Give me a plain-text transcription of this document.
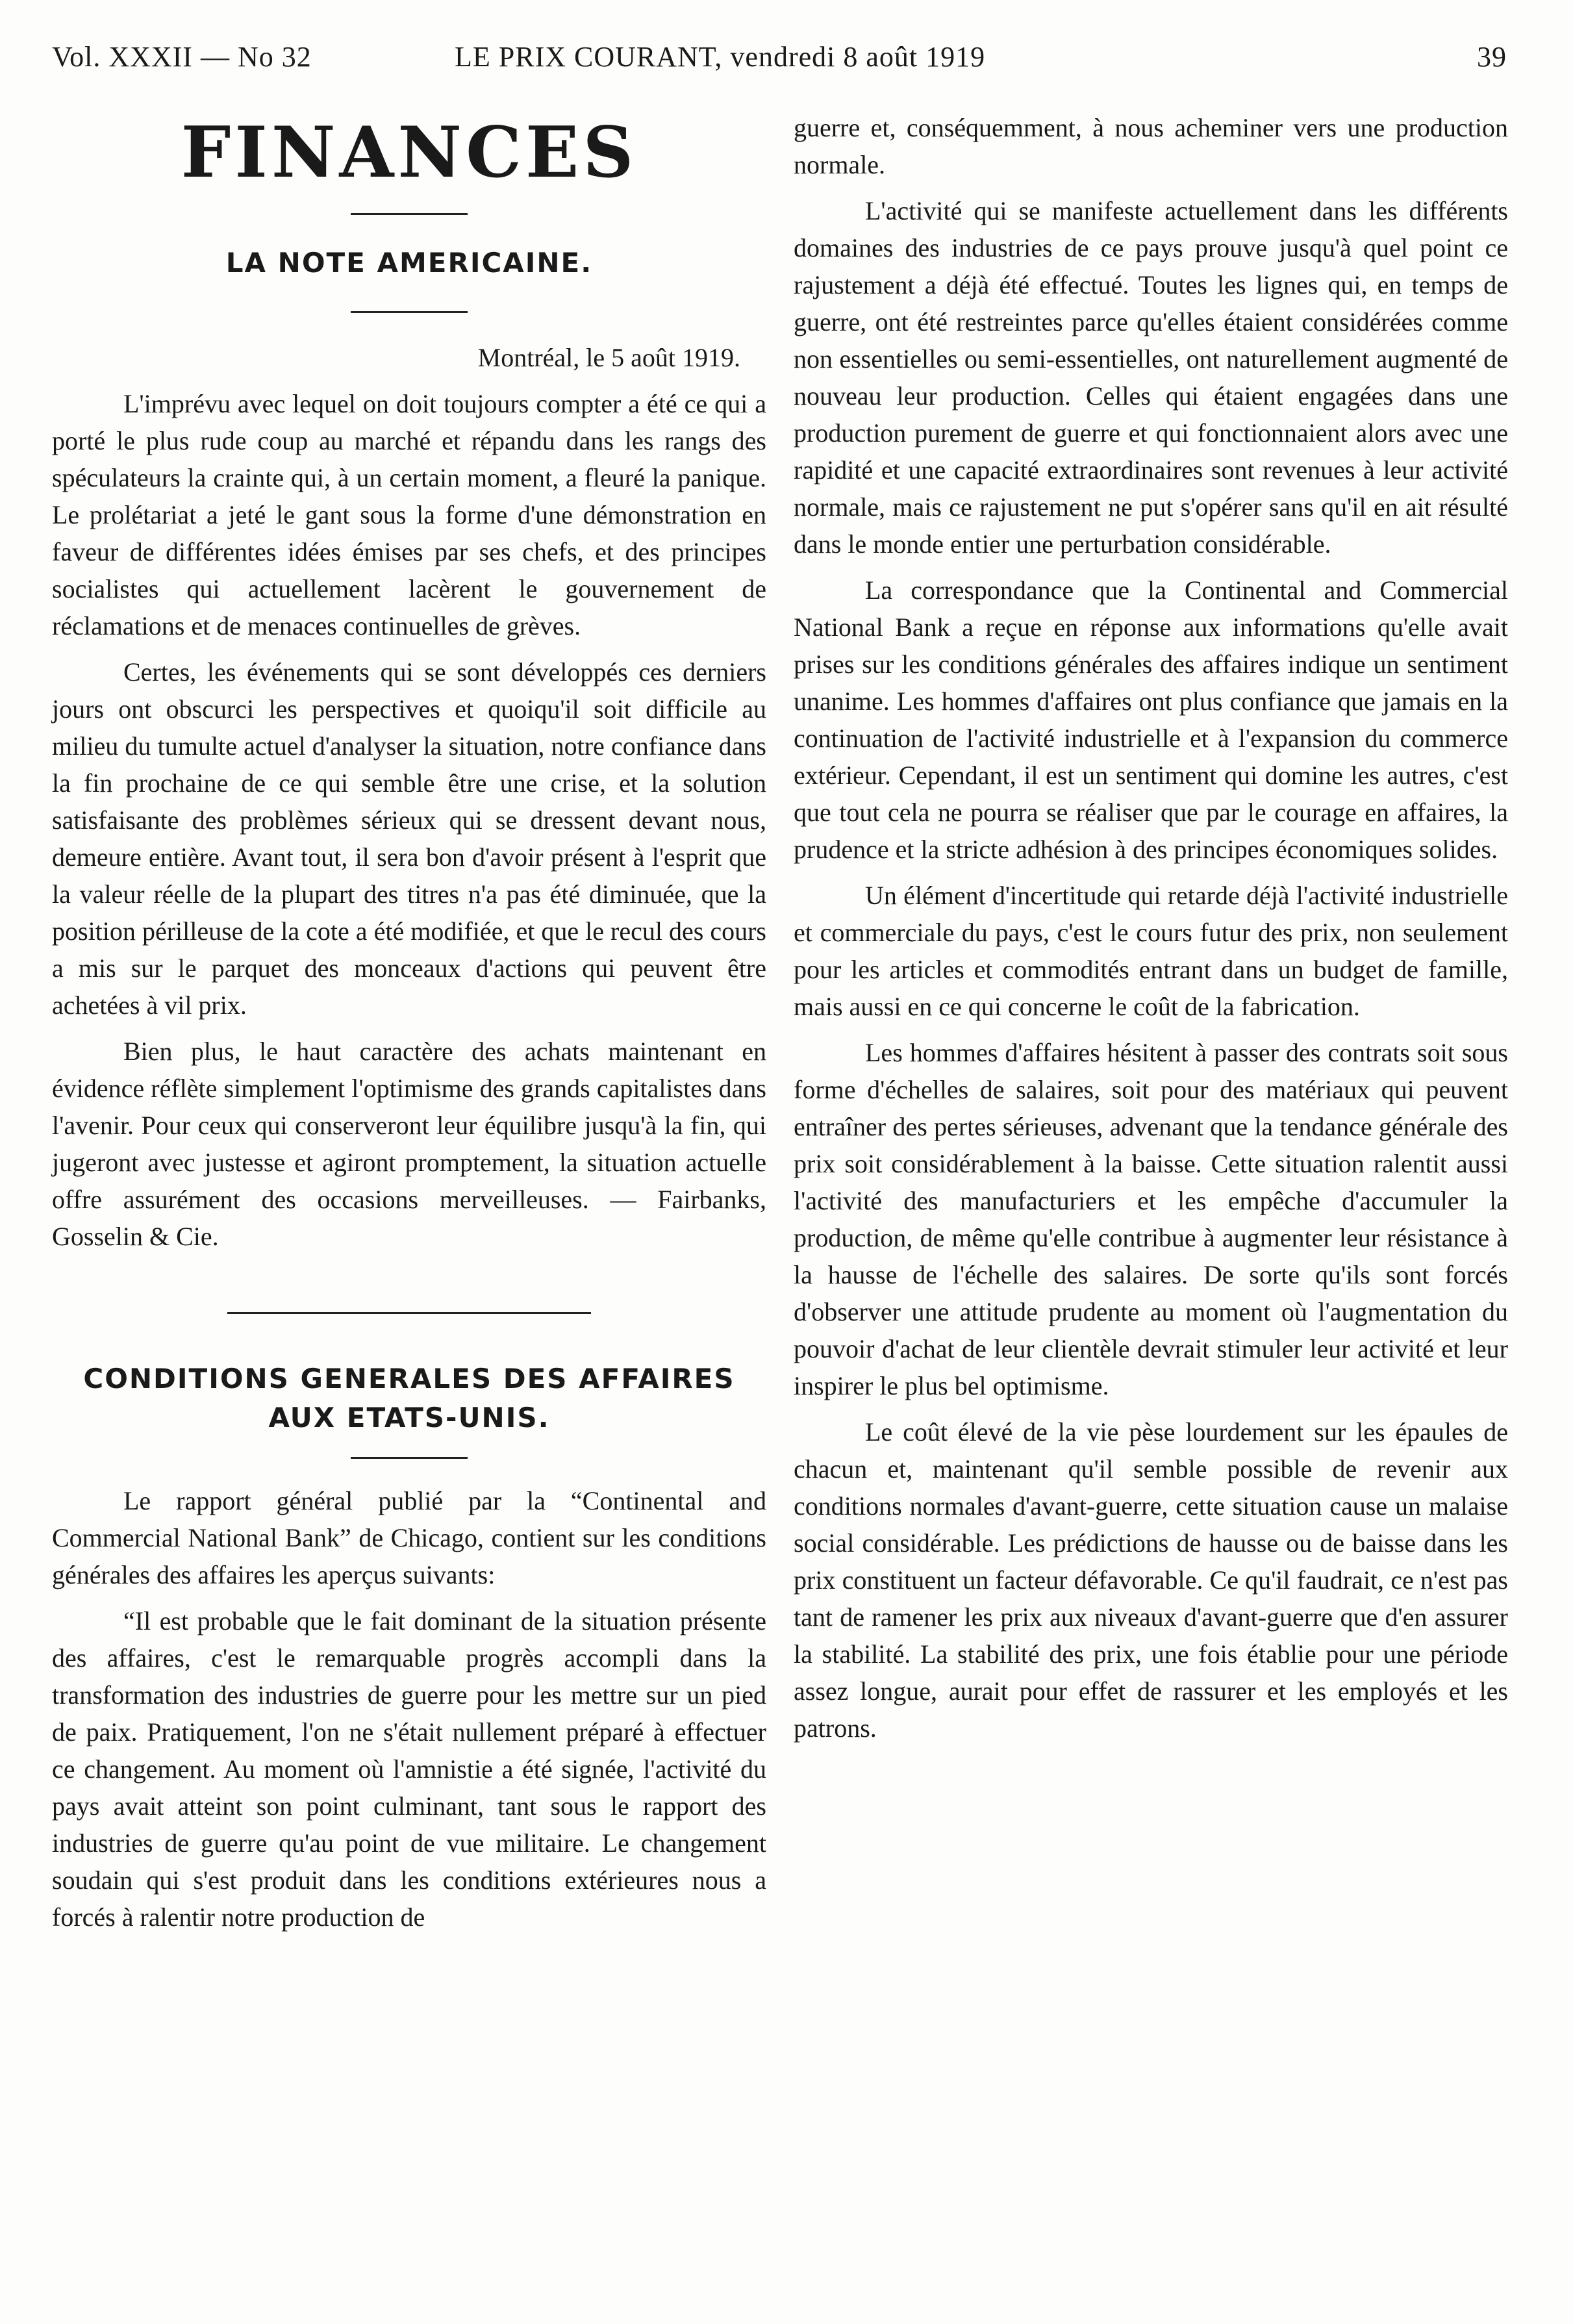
Vol. XXXII — No 32	LE PRIX COURANT, vendredi 8 août 1919	39
FINANCES
LA NOTE AMERICAINE.

Montréal, le 5 août 1919.

L'imprévu avec lequel on doit toujours compter a été ce qui a porté le plus rude coup au marché et répandu dans les rangs des spéculateurs la crainte qui, à un certain moment, a fleuré la panique. Le prolétariat a jeté le gant sous la forme d'une démonstration en faveur de différentes idées émises par ses chefs, et des principes socialistes qui actuellement lacèrent le gouvernement de réclamations et de menaces continuelles de grèves.

Certes, les événements qui se sont développés ces derniers jours ont obscurci les perspectives et quoiqu'il soit difficile au milieu du tumulte actuel d'analyser la situation, notre confiance dans la fin prochaine de ce qui semble être une crise, et la solution satisfaisante des problèmes sérieux qui se dressent devant nous, demeure entière. Avant tout, il sera bon d'avoir présent à l'esprit que la valeur réelle de la plupart des titres n'a pas été diminuée, que la position périlleuse de la cote a été modifiée, et que le recul des cours a mis sur le parquet des monceaux d'actions qui peuvent être achetées à vil prix.

Bien plus, le haut caractère des achats maintenant en évidence réflète simplement l'optimisme des grands capitalistes dans l'avenir. Pour ceux qui conserveront leur équilibre jusqu'à la fin, qui jugeront avec justesse et agiront promptement, la situation actuelle offre assurément des occasions merveilleuses. — Fairbanks, Gosselin & Cie.

CONDITIONS GENERALES DES AFFAIRES AUX ETATS-UNIS.

Le rapport général publié par la “Continental and Commercial National Bank” de Chicago, contient sur les conditions générales des affaires les aperçus suivants:

“Il est probable que le fait dominant de la situation présente des affaires, c'est le remarquable progrès accompli dans la transformation des industries de guerre pour les mettre sur un pied de paix. Pratiquement, l'on ne s'était nullement préparé à effectuer ce changement. Au moment où l'amnistie a été signée, l'activité du pays avait atteint son point culminant, tant sous le rapport des industries de guerre qu'au point de vue militaire. Le changement soudain qui s'est produit dans les conditions extérieures nous a forcés à ralentir notre production de

guerre et, conséquemment, à nous acheminer vers une production normale.

L'activité qui se manifeste actuellement dans les différents domaines des industries de ce pays prouve jusqu'à quel point ce rajustement a déjà été effectué. Toutes les lignes qui, en temps de guerre, ont été restreintes parce qu'elles étaient considérées comme non essentielles ou semi-essentielles, ont naturellement augmenté de nouveau leur production. Celles qui étaient engagées dans une production purement de guerre et qui fonctionnaient alors avec une rapidité et une capacité extraordinaires sont revenues à leur activité normale, mais ce rajustement ne put s'opérer sans qu'il en ait résulté dans le monde entier une perturbation considérable.

La correspondance que la Continental and Commercial National Bank a reçue en réponse aux informations qu'elle avait prises sur les conditions générales des affaires indique un sentiment unanime. Les hommes d'affaires ont plus confiance que jamais en la continuation de l'activité industrielle et à l'expansion du commerce extérieur. Cependant, il est un sentiment qui domine les autres, c'est que tout cela ne pourra se réaliser que par le courage en affaires, la prudence et la stricte adhésion à des principes économiques solides.

Un élément d'incertitude qui retarde déjà l'activité industrielle et commerciale du pays, c'est le cours futur des prix, non seulement pour les articles et commodités entrant dans un budget de famille, mais aussi en ce qui concerne le coût de la fabrication.

Les hommes d'affaires hésitent à passer des contrats soit sous forme d'échelles de salaires, soit pour des matériaux qui peuvent entraîner des pertes sérieuses, advenant que la tendance générale des prix soit considérablement à la baisse. Cette situation ralentit aussi l'activité des manufacturiers et les empêche d'accumuler la production, de même qu'elle contribue à augmenter leur résistance à la hausse de l'échelle des salaires. De sorte qu'ils sont forcés d'observer une attitude prudente au moment où l'augmentation du pouvoir d'achat de leur clientèle devrait stimuler leur activité et leur inspirer le plus bel optimisme.

Le coût élevé de la vie pèse lourdement sur les épaules de chacun et, maintenant qu'il semble possible de revenir aux conditions normales d'avant-guerre, cette situation cause un malaise social considérable. Les prédictions de hausse ou de baisse dans les prix constituent un facteur défavorable. Ce qu'il faudrait, ce n'est pas tant de ramener les prix aux niveaux d'avant-guerre que d'en assurer la stabilité. La stabilité des prix, une fois établie pour une période assez longue, aurait pour effet de rassurer et les employés et les patrons.
